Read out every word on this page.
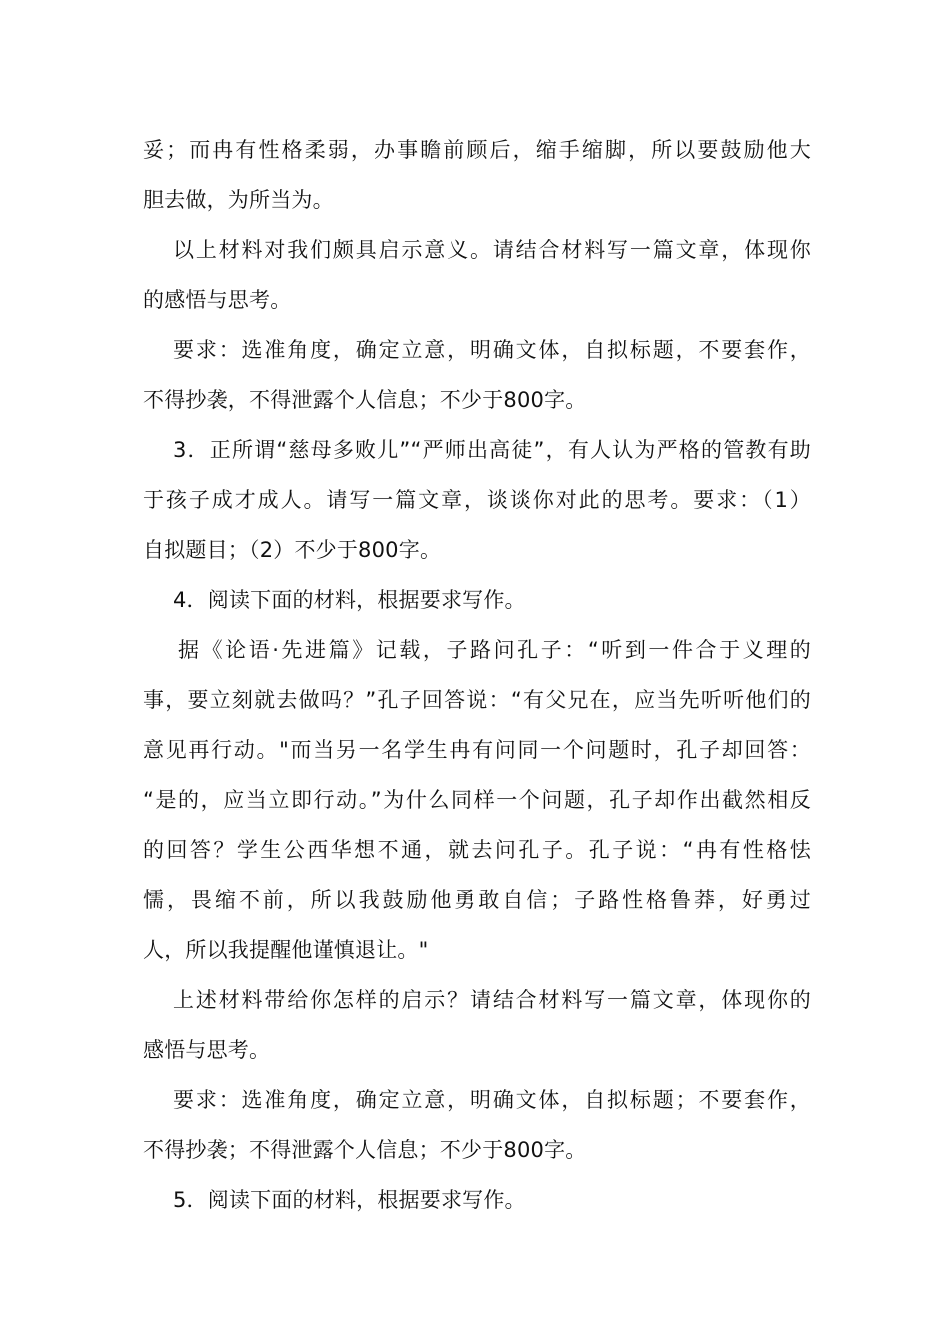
妥；而冉有性格柔弱，办事瞻前顾后，缩手缩脚，所以要鼓励他大
胆去做，为所当为。
以上材料对我们颇具启示意义。请结合材料写一篇文章，体现你
的感悟与思考。
要求：选准角度，确定立意，明确文体，自拟标题，不要套作，
不得抄袭，不得泄露个人信息；不少于800字。
3．正所谓“慈母多败儿”“严师出高徒”，有人认为严格的管教有助
于孩子成才成人。请写一篇文章，谈谈你对此的思考。要求：（1）
自拟题目；（2）不少于800字。
4．阅读下面的材料，根据要求写作。
据《论语·先进篇》记载，子路问孔子：“听到一件合于义理的
事，要立刻就去做吗？”孔子回答说：“有父兄在，应当先听听他们的
意见再行动。"而当另一名学生冉有问同一个问题时，孔子却回答：
“是的，应当立即行动。”为什么同样一个问题，孔子却作出截然相反
的回答？学生公西华想不通，就去问孔子。孔子说：“冉有性格怯
懦，畏缩不前，所以我鼓励他勇敢自信；子路性格鲁莽，好勇过
人，所以我提醒他谨慎退让。"
上述材料带给你怎样的启示？请结合材料写一篇文章，体现你的
感悟与思考。
要求：选准角度，确定立意，明确文体，自拟标题；不要套作，
不得抄袭；不得泄露个人信息；不少于800字。
5．阅读下面的材料，根据要求写作。
